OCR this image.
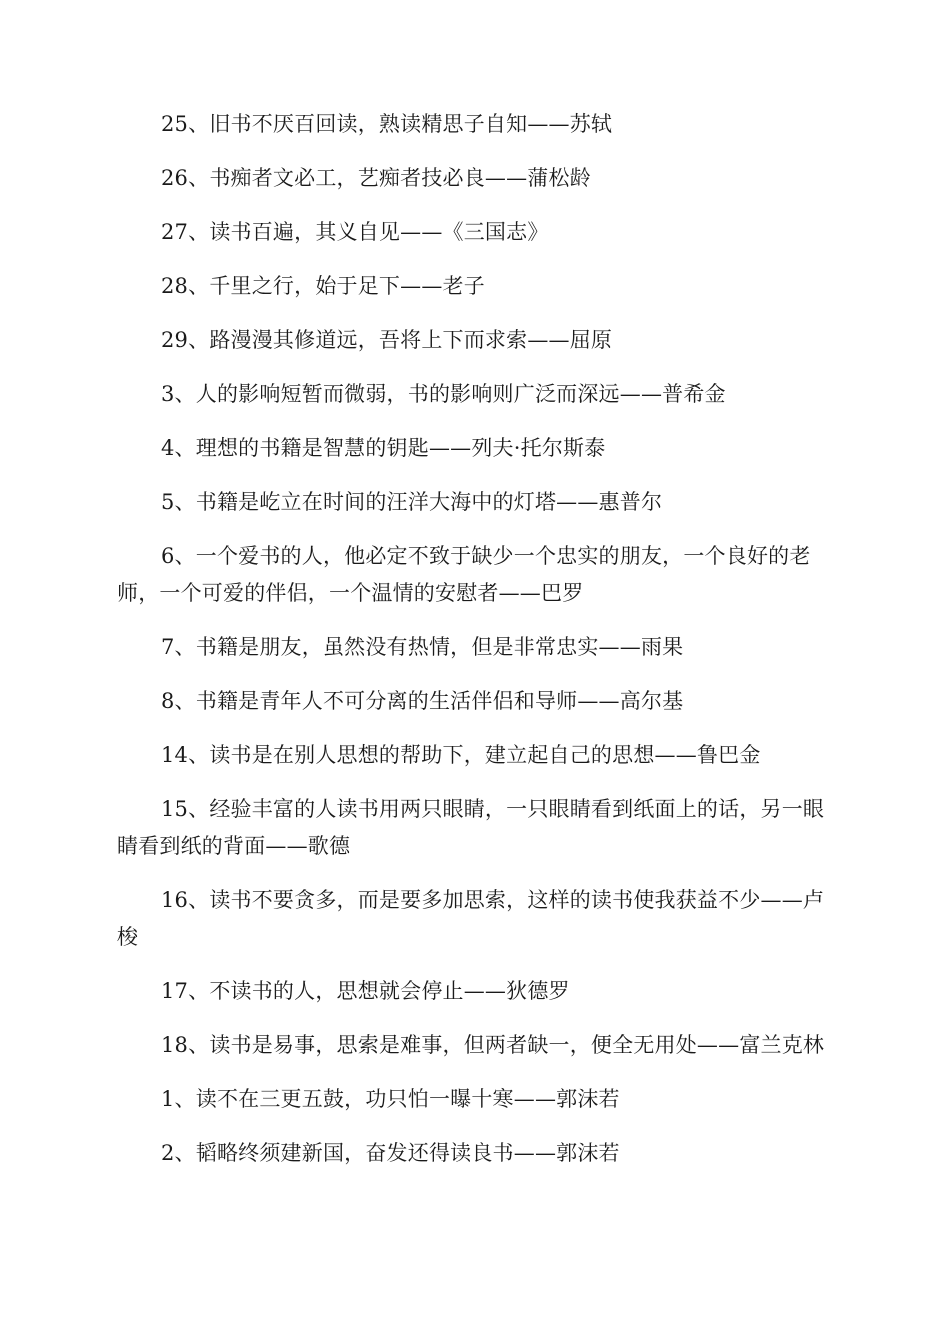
25、旧书不厌百回读，熟读精思子自知——苏轼

26、书痴者文必工，艺痴者技必良——蒲松龄

27、读书百遍，其义自见——《三国志》

28、千里之行，始于足下——老子

29、路漫漫其修道远，吾将上下而求索——屈原

3、人的影响短暂而微弱，书的影响则广泛而深远——普希金

4、理想的书籍是智慧的钥匙——列夫·托尔斯泰

5、书籍是屹立在时间的汪洋大海中的灯塔——惠普尔

6、一个爱书的人，他必定不致于缺少一个忠实的朋友，一个良好的老师，一个可爱的伴侣，一个温情的安慰者——巴罗

7、书籍是朋友，虽然没有热情，但是非常忠实——雨果

8、书籍是青年人不可分离的生活伴侣和导师——高尔基

14、读书是在别人思想的帮助下，建立起自己的思想——鲁巴金

15、经验丰富的人读书用两只眼睛，一只眼睛看到纸面上的话，另一眼睛看到纸的背面——歌德

16、读书不要贪多，而是要多加思索，这样的读书使我获益不少——卢梭

17、不读书的人，思想就会停止——狄德罗

18、读书是易事，思索是难事，但两者缺一，便全无用处——富兰克林

1、读不在三更五鼓，功只怕一曝十寒——郭沫若

2、韬略终须建新国，奋发还得读良书——郭沫若
